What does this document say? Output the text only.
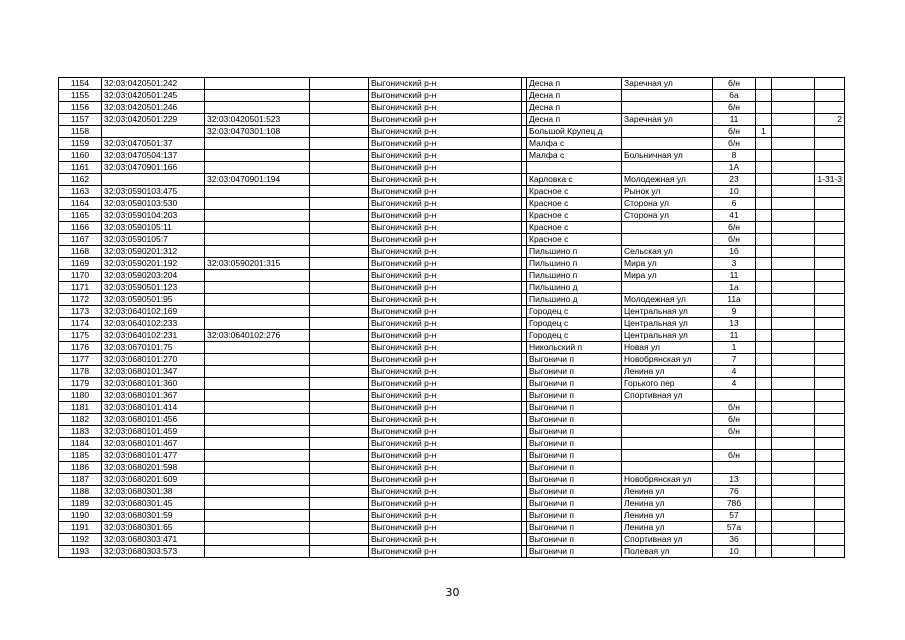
1154	32:03:0420501:242			Выгоничский р-н		Десна п	Заречная ул	б/н			
1155	32:03:0420501:245			Выгоничский р-н		Десна п		6а			
1156	32:03:0420501:246			Выгоничский р-н		Десна п		б/н			
1157	32:03:0420501:229	32:03:0420501:523		Выгоничский р-н		Десна п	Заречная ул	11			2
1158		32:03:0470301:108		Выгоничский р-н		Большой Крупец д		б/н	1		
1159	32:03:0470501:37			Выгоничский р-н		Малфа с		б/н			
1160	32:03:0470504:137			Выгоничский р-н		Малфа с	Больничная ул	8			
1161	32:03:0470901:166			Выгоничский р-н				1А			
1162		32:03:0470901:194		Выгоничский р-н		Карловка с	Молодежная ул	23			1-31-3
1163	32:03:0590103:475			Выгоничский р-н		Красное с	Рынок ул	10			
1164	32:03:0590103:530			Выгоничский р-н		Красное с	Сторона ул	6			
1165	32:03:0590104:203			Выгоничский р-н		Красное с	Сторона ул	41			
1166	32:03:0590105:11			Выгоничский р-н		Красное с		б/н			
1167	32:03:0590105:7			Выгоничский р-н		Красное с		б/н			
1168	32:03:0590201:312			Выгоничский р-н		Пильшино п	Сельская ул	1б			
1169	32:03:0590201:192	32:03:0590201:315		Выгоничский р-н		Пильшино п	Мира ул	3			
1170	32:03:0590203:204			Выгоничский р-н		Пильшино п	Мира ул	11			
1171	32:03:0590501:123			Выгоничский р-н		Пильшино д		1а			
1172	32:03:0590501:95			Выгоничский р-н		Пильшино д	Молодежная ул	11а			
1173	32:03:0640102:169			Выгоничский р-н		Городец с	Центральная ул	9			
1174	32:03:0640102:233			Выгоничский р-н		Городец с	Центральная ул	13			
1175	32:03:0640102:231	32:03:0640102:276		Выгоничский р-н		Городец с	Центральная ул	11			
1176	32:03:0670101:75			Выгоничский р-н		Никольский п	Новая ул	1			
1177	32:03:0680101:270			Выгоничский р-н		Выгоничи п	Новобрянская ул	7			
1178	32:03:0680101:347			Выгоничский р-н		Выгоничи п	Ленина ул	4			
1179	32:03:0680101:360			Выгоничский р-н		Выгоничи п	Горького пер	4			
1180	32:03:0680101:367			Выгоничский р-н		Выгоничи п	Спортивная ул				
1181	32:03:0680101:414			Выгоничский р-н		Выгоничи п		б/н			
1182	32:03:0680101:456			Выгоничский р-н		Выгоничи п		б/н			
1183	32:03:0680101:459			Выгоничский р-н		Выгоничи п		б/н			
1184	32:03:0680101:467			Выгоничский р-н		Выгоничи п					
1185	32:03:0680101:477			Выгоничский р-н		Выгоничи п		б/н			
1186	32:03:0680201:598			Выгоничский р-н		Выгоничи п					
1187	32:03:0680201:609			Выгоничский р-н		Выгоничи п	Новобрянская ул	13			
1188	32:03:0680301:38			Выгоничский р-н		Выгоничи п	Ленина ул	76			
1189	32:03:0680301:45			Выгоничский р-н		Выгоничи п	Ленина ул	78б			
1190	32:03:0680301:59			Выгоничский р-н		Выгоничи п	Ленина ул	57			
1191	32:03:0680301:65			Выгоничский р-н		Выгоничи п	Ленина ул	57а			
1192	32:03:0680303:471			Выгоничский р-н		Выгоничи п	Спортивная ул	36			
1193	32:03:0680303:573			Выгоничский р-н		Выгоничи п	Полевая ул	10			
30
